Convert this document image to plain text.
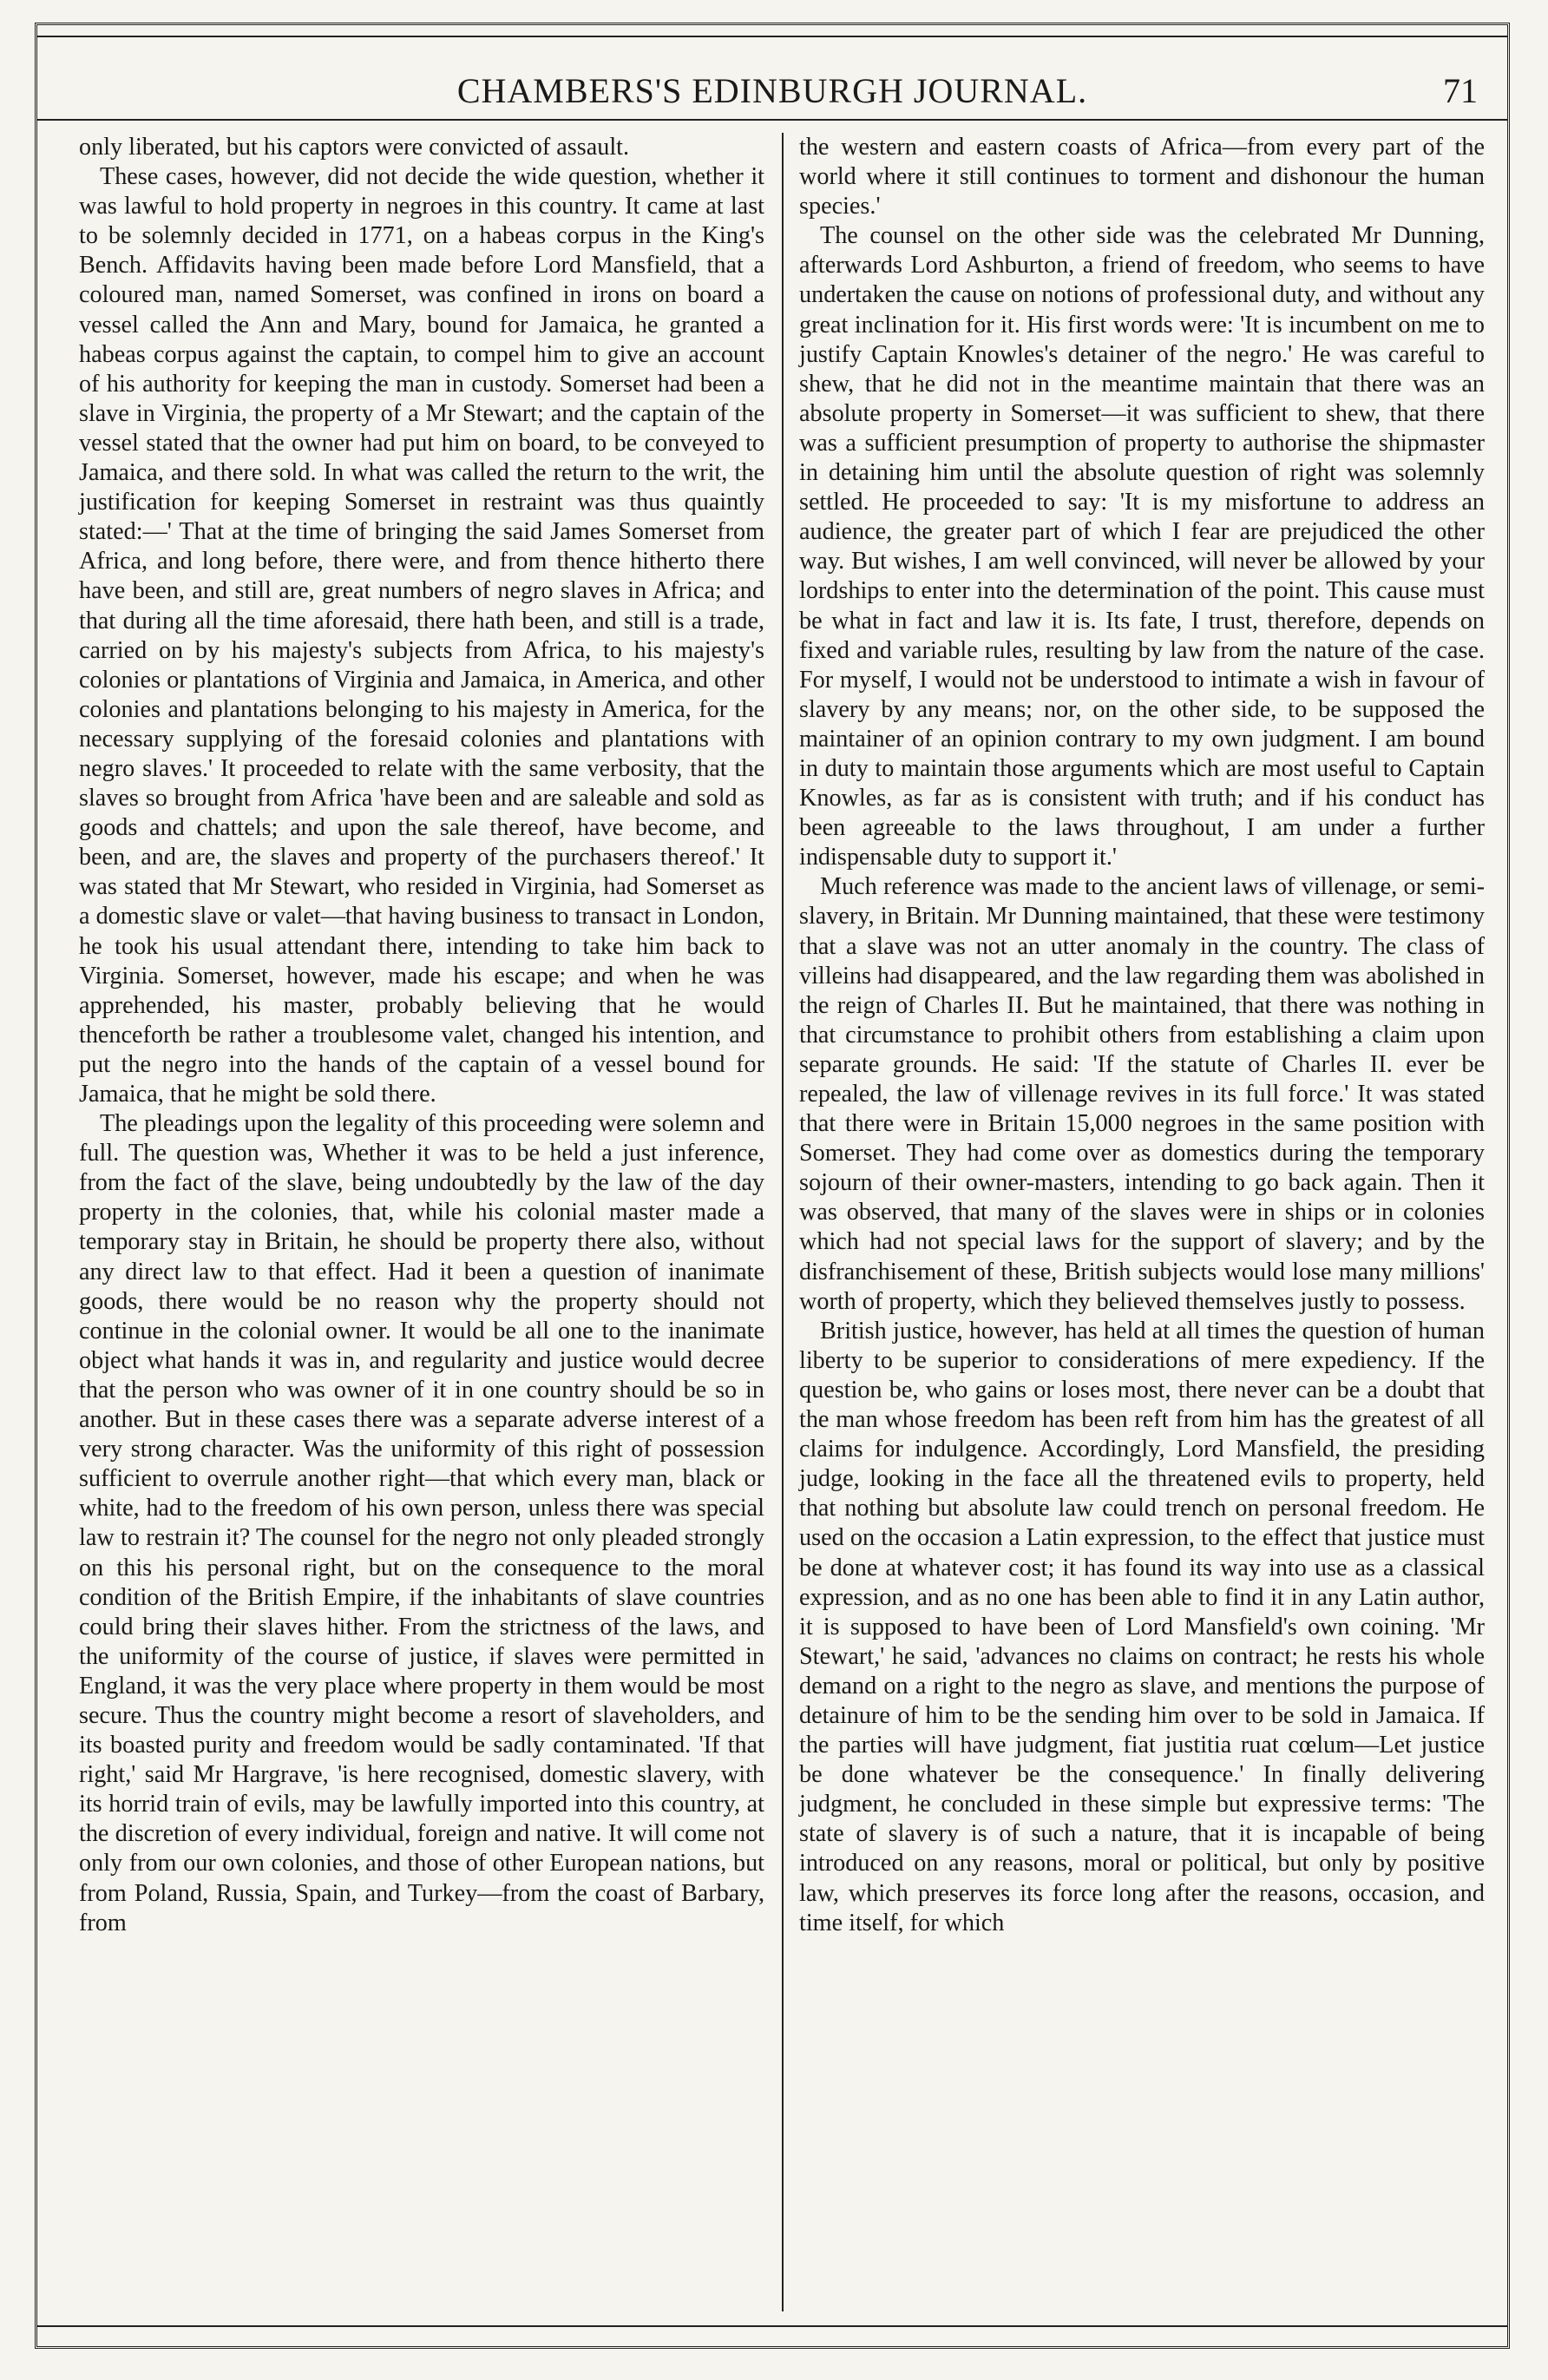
CHAMBERS'S EDINBURGH JOURNAL.	71

only liberated, but his captors were convicted of assault.

These cases, however, did not decide the wide question, whether it was lawful to hold property in negroes in this country. It came at last to be solemnly decided in 1771, on a habeas corpus in the King's Bench. Affidavits having been made before Lord Mansfield, that a coloured man, named Somerset, was confined in irons on board a vessel called the Ann and Mary, bound for Jamaica, he granted a habeas corpus against the captain, to compel him to give an account of his authority for keeping the man in custody. Somerset had been a slave in Virginia, the property of a Mr Stewart; and the captain of the vessel stated that the owner had put him on board, to be conveyed to Jamaica, and there sold. In what was called the return to the writ, the justification for keeping Somerset in restraint was thus quaintly stated:—' That at the time of bringing the said James Somerset from Africa, and long before, there were, and from thence hitherto there have been, and still are, great numbers of negro slaves in Africa; and that during all the time aforesaid, there hath been, and still is a trade, carried on by his majesty's subjects from Africa, to his majesty's colonies or plantations of Virginia and Jamaica, in America, and other colonies and plantations belonging to his majesty in America, for the necessary supplying of the foresaid colonies and plantations with negro slaves.' It proceeded to relate with the same verbosity, that the slaves so brought from Africa 'have been and are saleable and sold as goods and chattels; and upon the sale thereof, have become, and been, and are, the slaves and property of the purchasers thereof.' It was stated that Mr Stewart, who resided in Virginia, had Somerset as a domestic slave or valet—that having business to transact in London, he took his usual attendant there, intending to take him back to Virginia. Somerset, however, made his escape; and when he was apprehended, his master, probably believing that he would thenceforth be rather a troublesome valet, changed his intention, and put the negro into the hands of the captain of a vessel bound for Jamaica, that he might be sold there.

The pleadings upon the legality of this proceeding were solemn and full. The question was, Whether it was to be held a just inference, from the fact of the slave, being undoubtedly by the law of the day property in the colonies, that, while his colonial master made a temporary stay in Britain, he should be property there also, without any direct law to that effect. Had it been a question of inanimate goods, there would be no reason why the property should not continue in the colonial owner. It would be all one to the inanimate object what hands it was in, and regularity and justice would decree that the person who was owner of it in one country should be so in another. But in these cases there was a separate adverse interest of a very strong character. Was the uniformity of this right of possession sufficient to overrule another right—that which every man, black or white, had to the freedom of his own person, unless there was special law to restrain it? The counsel for the negro not only pleaded strongly on this his personal right, but on the consequence to the moral condition of the British Empire, if the inhabitants of slave countries could bring their slaves hither. From the strictness of the laws, and the uniformity of the course of justice, if slaves were permitted in England, it was the very place where property in them would be most secure. Thus the country might become a resort of slaveholders, and its boasted purity and freedom would be sadly contaminated. 'If that right,' said Mr Hargrave, 'is here recognised, domestic slavery, with its horrid train of evils, may be lawfully imported into this country, at the discretion of every individual, foreign and native. It will come not only from our own colonies, and those of other European nations, but from Poland, Russia, Spain, and Turkey—from the coast of Barbary, from

the western and eastern coasts of Africa—from every part of the world where it still continues to torment and dishonour the human species.'

The counsel on the other side was the celebrated Mr Dunning, afterwards Lord Ashburton, a friend of freedom, who seems to have undertaken the cause on notions of professional duty, and without any great inclination for it. His first words were: 'It is incumbent on me to justify Captain Knowles's detainer of the negro.' He was careful to shew, that he did not in the meantime maintain that there was an absolute property in Somerset—it was sufficient to shew, that there was a sufficient presumption of property to authorise the shipmaster in detaining him until the absolute question of right was solemnly settled. He proceeded to say: 'It is my misfortune to address an audience, the greater part of which I fear are prejudiced the other way. But wishes, I am well convinced, will never be allowed by your lordships to enter into the determination of the point. This cause must be what in fact and law it is. Its fate, I trust, therefore, depends on fixed and variable rules, resulting by law from the nature of the case. For myself, I would not be understood to intimate a wish in favour of slavery by any means; nor, on the other side, to be supposed the maintainer of an opinion contrary to my own judgment. I am bound in duty to maintain those arguments which are most useful to Captain Knowles, as far as is consistent with truth; and if his conduct has been agreeable to the laws throughout, I am under a further indispensable duty to support it.'

Much reference was made to the ancient laws of villenage, or semi-slavery, in Britain. Mr Dunning maintained, that these were testimony that a slave was not an utter anomaly in the country. The class of villeins had disappeared, and the law regarding them was abolished in the reign of Charles II. But he maintained, that there was nothing in that circumstance to prohibit others from establishing a claim upon separate grounds. He said: 'If the statute of Charles II. ever be repealed, the law of villenage revives in its full force.' It was stated that there were in Britain 15,000 negroes in the same position with Somerset. They had come over as domestics during the temporary sojourn of their owner-masters, intending to go back again. Then it was observed, that many of the slaves were in ships or in colonies which had not special laws for the support of slavery; and by the disfranchisement of these, British subjects would lose many millions' worth of property, which they believed themselves justly to possess.

British justice, however, has held at all times the question of human liberty to be superior to considerations of mere expediency. If the question be, who gains or loses most, there never can be a doubt that the man whose freedom has been reft from him has the greatest of all claims for indulgence. Accordingly, Lord Mansfield, the presiding judge, looking in the face all the threatened evils to property, held that nothing but absolute law could trench on personal freedom. He used on the occasion a Latin expression, to the effect that justice must be done at whatever cost; it has found its way into use as a classical expression, and as no one has been able to find it in any Latin author, it is supposed to have been of Lord Mansfield's own coining. 'Mr Stewart,' he said, 'advances no claims on contract; he rests his whole demand on a right to the negro as slave, and mentions the purpose of detainure of him to be the sending him over to be sold in Jamaica. If the parties will have judgment, fiat justitia ruat cœlum—Let justice be done whatever be the consequence.' In finally delivering judgment, he concluded in these simple but expressive terms: 'The state of slavery is of such a nature, that it is incapable of being introduced on any reasons, moral or political, but only by positive law, which preserves its force long after the reasons, occasion, and time itself, for which
